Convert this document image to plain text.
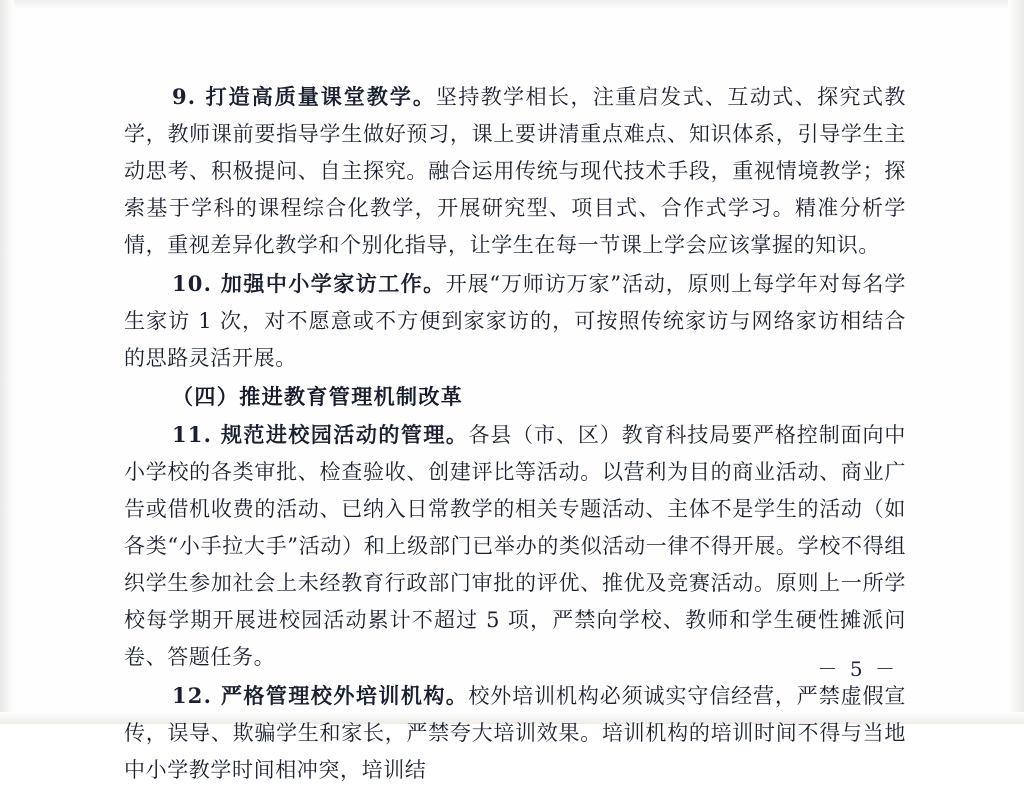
9. 打造高质量课堂教学。坚持教学相长，注重启发式、互动式、探究式教学，教师课前要指导学生做好预习，课上要讲清重点难点、知识体系，引导学生主动思考、积极提问、自主探究。融合运用传统与现代技术手段，重视情境教学；探索基于学科的课程综合化教学，开展研究型、项目式、合作式学习。精准分析学情，重视差异化教学和个别化指导，让学生在每一节课上学会应该掌握的知识。

10. 加强中小学家访工作。开展“万师访万家”活动，原则上每学年对每名学生家访 1 次，对不愿意或不方便到家家访的，可按照传统家访与网络家访相结合的思路灵活开展。

（四）推进教育管理机制改革

11. 规范进校园活动的管理。各县（市、区）教育科技局要严格控制面向中小学校的各类审批、检查验收、创建评比等活动。以营利为目的商业活动、商业广告或借机收费的活动、已纳入日常教学的相关专题活动、主体不是学生的活动（如各类“小手拉大手”活动）和上级部门已举办的类似活动一律不得开展。学校不得组织学生参加社会上未经教育行政部门审批的评优、推优及竞赛活动。原则上一所学校每学期开展进校园活动累计不超过 5 项，严禁向学校、教师和学生硬性摊派问卷、答题任务。

12. 严格管理校外培训机构。校外培训机构必须诚实守信经营，严禁虚假宣传，误导、欺骗学生和家长，严禁夸大培训效果。培训机构的培训时间不得与当地中小学教学时间相冲突，培训结

－ 5 －
